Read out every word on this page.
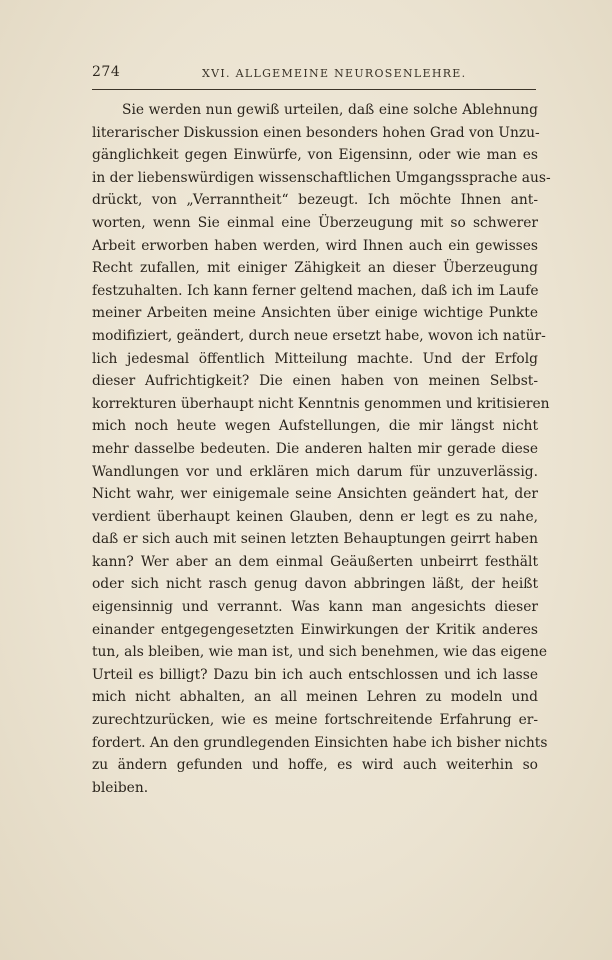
274	XVI. ALLGEMEINE NEUROSENLEHRE.
Sie werden nun gewiß urteilen, daß eine solche Ablehnung
literarischer Diskussion einen besonders hohen Grad von Unzu-
gänglichkeit gegen Einwürfe, von Eigensinn, oder wie man es
in der liebenswürdigen wissenschaftlichen Umgangssprache aus-
drückt, von „Verranntheit“ bezeugt. Ich möchte Ihnen ant-
worten, wenn Sie einmal eine Überzeugung mit so schwerer
Arbeit erworben haben werden, wird Ihnen auch ein gewisses
Recht zufallen, mit einiger Zähigkeit an dieser Überzeugung
festzuhalten. Ich kann ferner geltend machen, daß ich im Laufe
meiner Arbeiten meine Ansichten über einige wichtige Punkte
modifiziert, geändert, durch neue ersetzt habe, wovon ich natür-
lich jedesmal öffentlich Mitteilung machte. Und der Erfolg
dieser Aufrichtigkeit? Die einen haben von meinen Selbst-
korrekturen überhaupt nicht Kenntnis genommen und kritisieren
mich noch heute wegen Aufstellungen, die mir längst nicht
mehr dasselbe bedeuten. Die anderen halten mir gerade diese
Wandlungen vor und erklären mich darum für unzuverlässig.
Nicht wahr, wer einigemale seine Ansichten geändert hat, der
verdient überhaupt keinen Glauben, denn er legt es zu nahe,
daß er sich auch mit seinen letzten Behauptungen geirrt haben
kann? Wer aber an dem einmal Geäußerten unbeirrt festhält
oder sich nicht rasch genug davon abbringen läßt, der heißt
eigensinnig und verrannt. Was kann man angesichts dieser
einander entgegengesetzten Einwirkungen der Kritik anderes
tun, als bleiben, wie man ist, und sich benehmen, wie das eigene
Urteil es billigt? Dazu bin ich auch entschlossen und ich lasse
mich nicht abhalten, an all meinen Lehren zu modeln und
zurechtzurücken, wie es meine fortschreitende Erfahrung er-
fordert. An den grundlegenden Einsichten habe ich bisher nichts
zu ändern gefunden und hoffe, es wird auch weiterhin so
bleiben.
